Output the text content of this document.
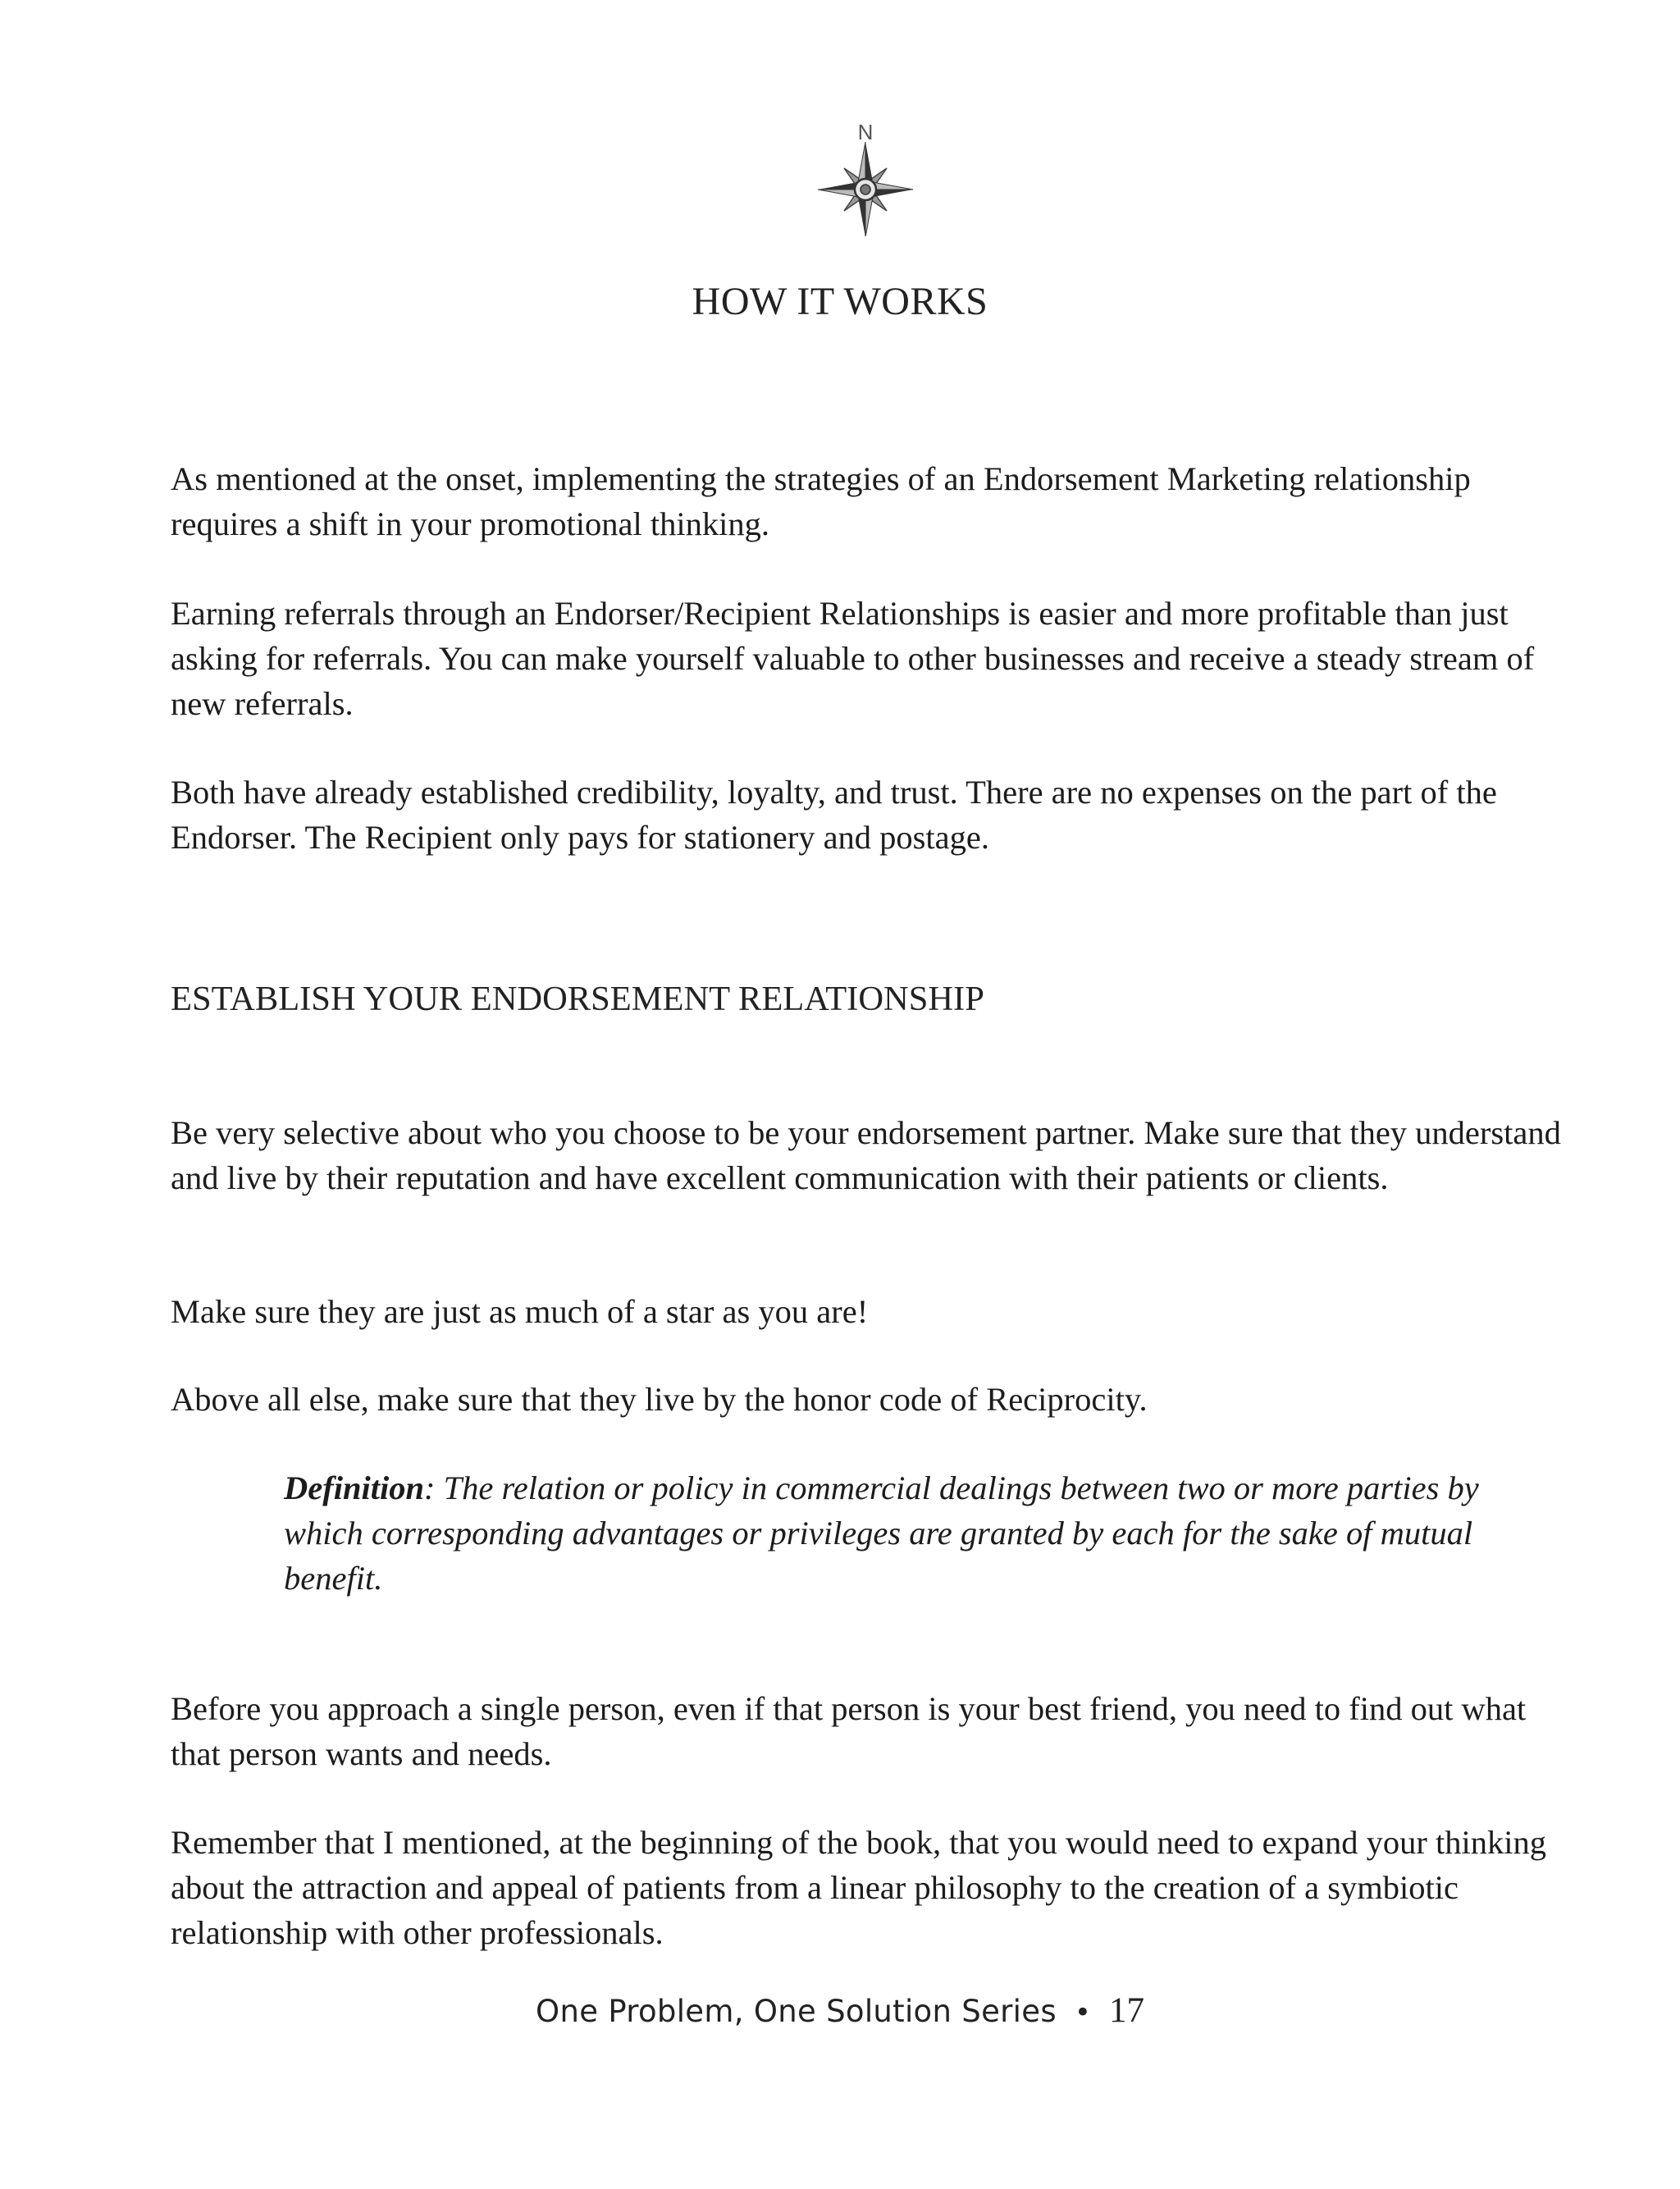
N
HOW IT WORKS
As mentioned at the onset, implementing the strategies of an Endorsement Marketing relationship requires a shift in your promotional thinking.
Earning referrals through an Endorser/Recipient Relationships is easier and more profitable than just asking for referrals. You can make yourself valuable to other businesses and receive a steady stream of new referrals.
Both have already established credibility, loyalty, and trust. There are no expenses on the part of the Endorser. The Recipient only pays for stationery and postage.
ESTABLISH YOUR ENDORSEMENT RELATIONSHIP
Be very selective about who you choose to be your endorsement partner. Make sure that they understand and live by their reputation and have excellent communication with their patients or clients.
Make sure they are just as much of a star as you are!
Above all else, make sure that they live by the honor code of Reciprocity.
Definition: The relation or policy in commercial dealings between two or more parties by which corresponding advantages or privileges are granted by each for the sake of mutual benefit.
Before you approach a single person, even if that person is your best friend, you need to find out what that person wants and needs.
Remember that I mentioned, at the beginning of the book, that you would need to expand your thinking about the attraction and appeal of patients from a linear philosophy to the creation of a symbiotic relationship with other professionals.
One Problem, One Solution Series • 17
